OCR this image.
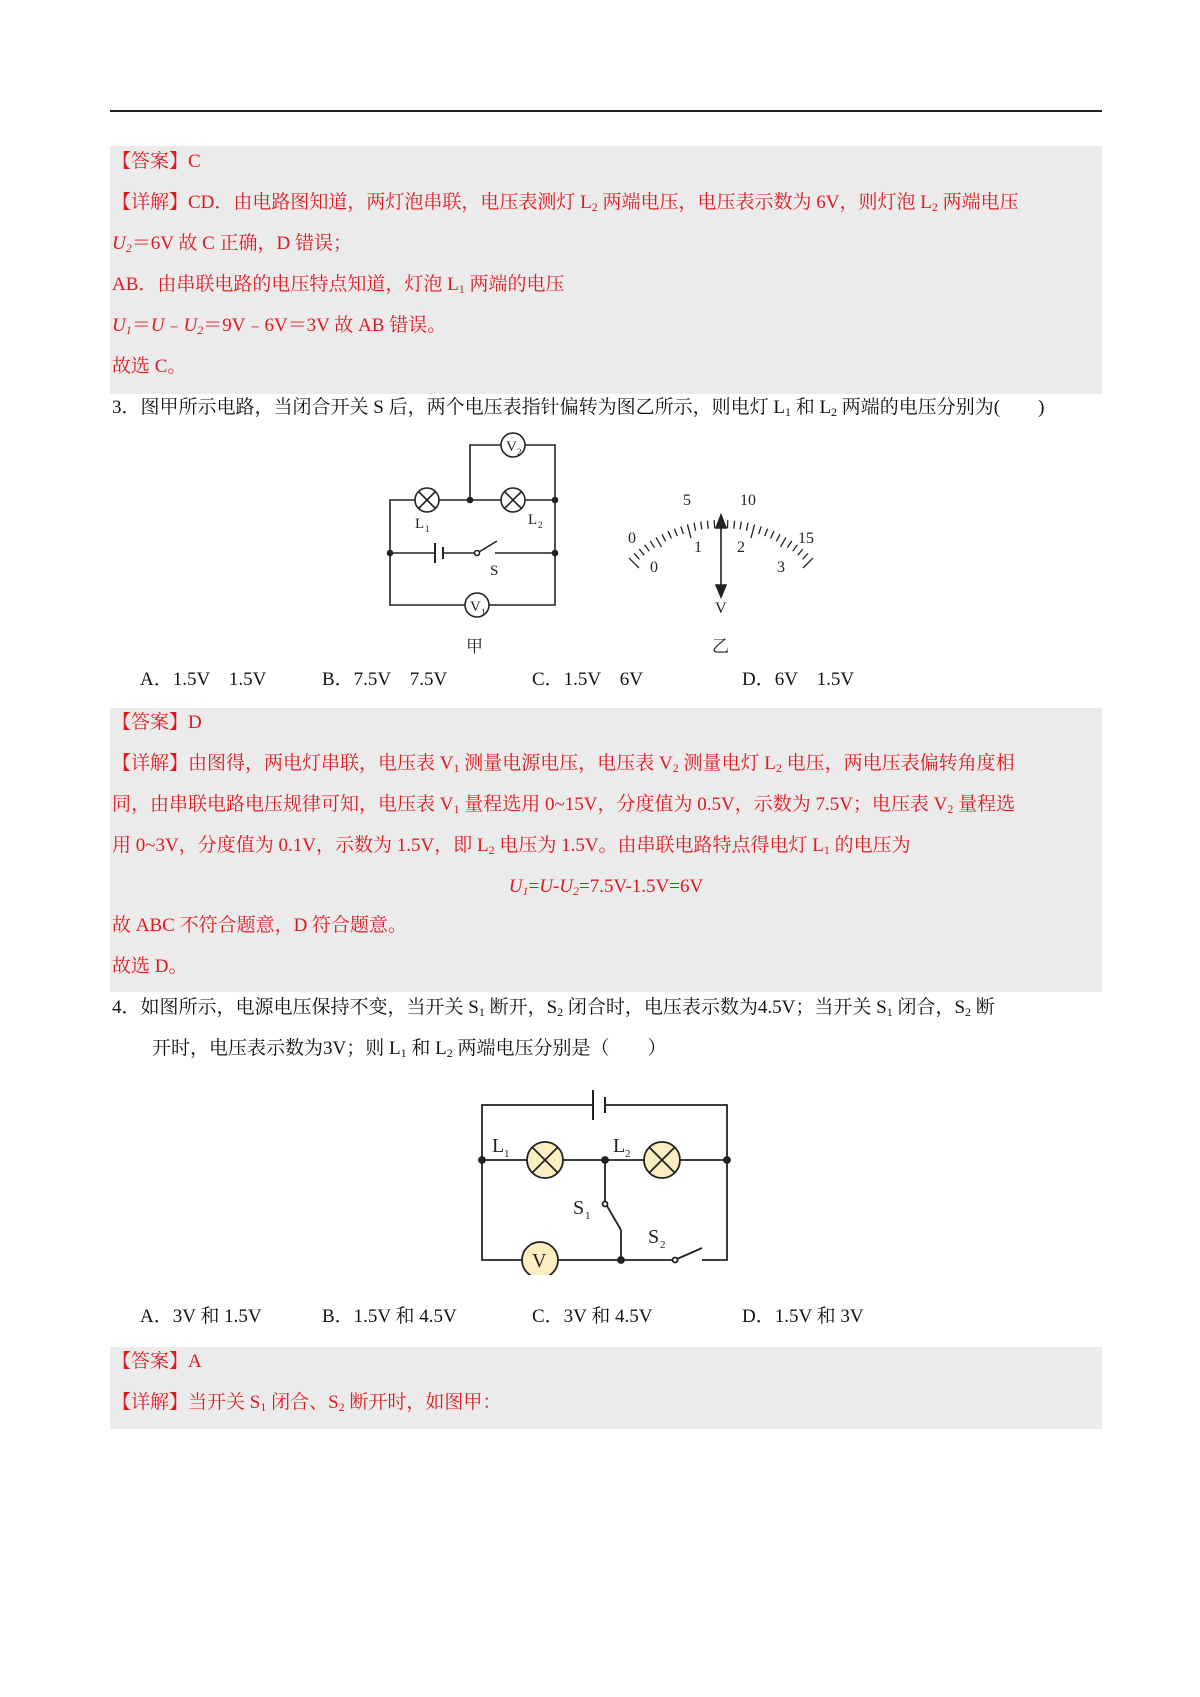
【答案】C
【详解】CD．由电路图知道，两灯泡串联，电压表测灯 $L_2$ 两端电压，电压表示数为 6V，则灯泡 $L_2$ 两端电压
$U_2=6V$ 故 C 正确，D 错误；
AB．由串联电路的电压特点知道，灯泡 $L_1$ 两端的电压
$U_1=U﹣U_2=9V﹣6V=3V$ 故 AB 错误。
故选 C。
3．图甲所示电路，当闭合开关 S 后，两个电压表指针偏转为图乙所示，则电灯 $L_1$ 和 $L_2$ 两端的电压分别为(　　)
V 2
V 1
L 1
L 2
S
甲
0
5	10
15
0
1 2
3
V
乙
A．1.5V　1.5V	B．7.5V　7.5V	C．1.5V　6V	D．6V　1.5V
【答案】D
【详解】由图得，两电灯串联，电压表 $V_1$ 测量电源电压，电压表 $V_2$ 测量电灯 $L_2$ 电压，两电压表偏转角度相
同，由串联电路电压规律可知，电压表 $V_1$ 量程选用 0~15V，分度值为 0.5V，示数为 7.5V；电压表 $V_2$ 量程选
用 0~3V，分度值为 0.1V，示数为 1.5V，即 $L_2$ 电压为 1.5V。由串联电路特点得电灯 $L_1$ 的电压为
$U_1=U-U_2=7.5V-1.5V=6V$
故 ABC 不符合题意，D 符合题意。
故选 D。
4．如图所示，电源电压保持不变，当开关 $S_1$ 断开，$S_2$ 闭合时，电压表示数为4.5V；当开关 $S_1$ 闭合，$S_2$ 断
开时，电压表示数为3V；则 $L_1$ 和 $L_2$ 两端电压分别是（　　）
V
L 1	L 2
S 1
S 2
A．3V 和 1.5V	B．1.5V 和 4.5V	C．3V 和 4.5V	D．1.5V 和 3V
【答案】A
【详解】当开关 $S_1$ 闭合、$S_2$ 断开时，如图甲：
